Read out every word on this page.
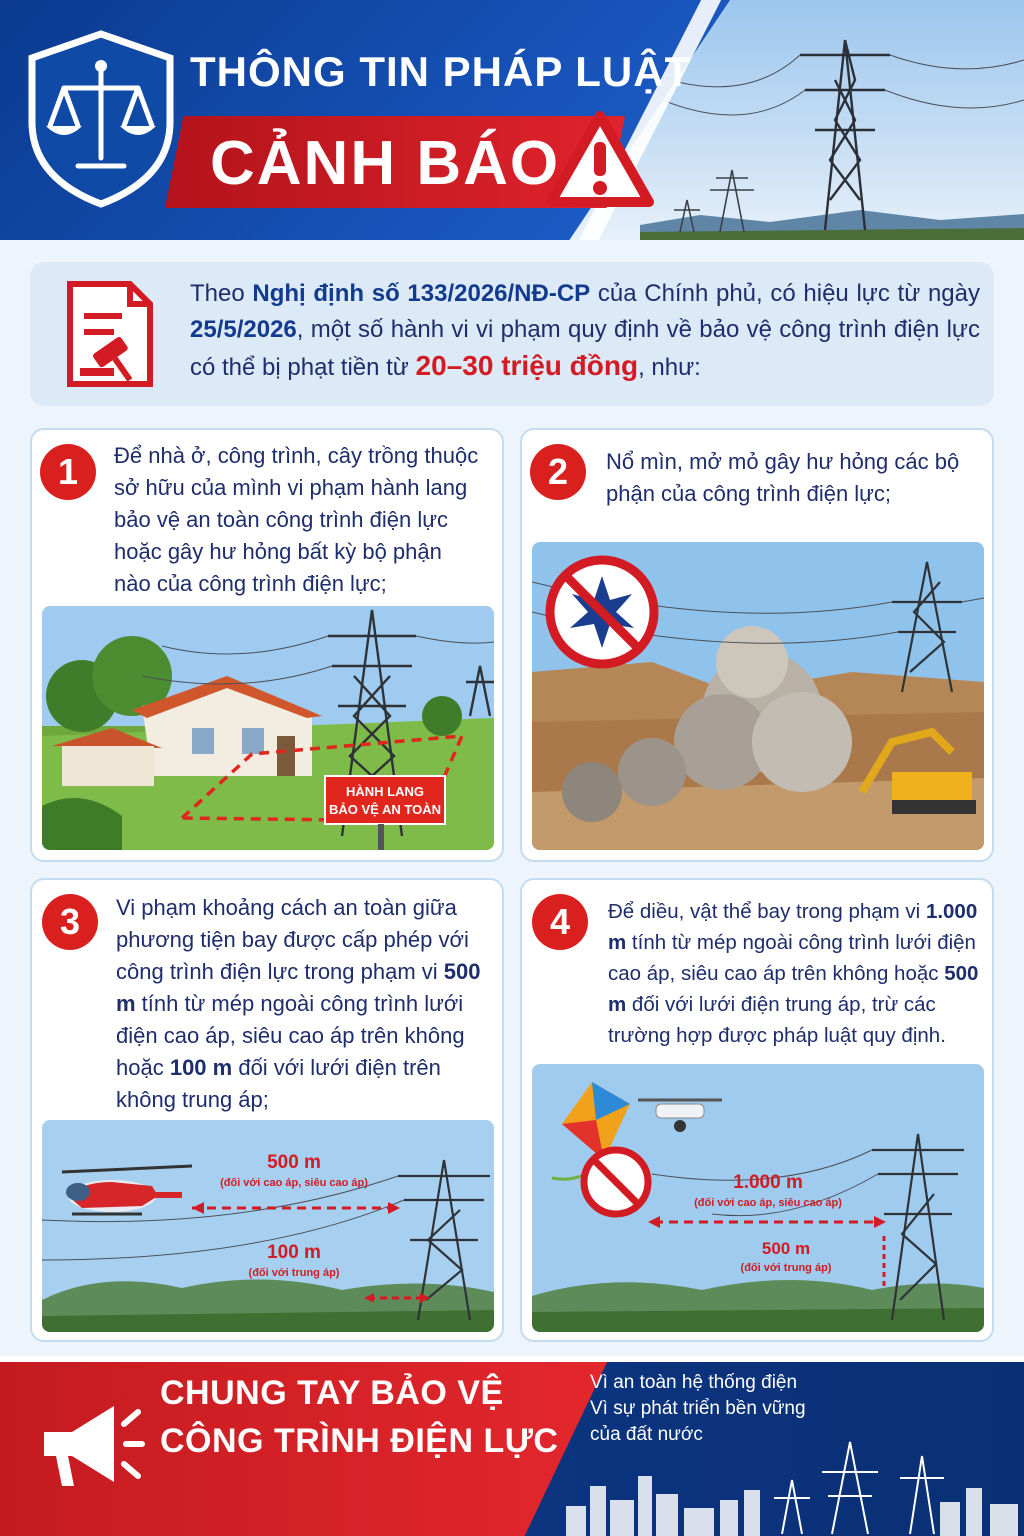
THÔNG TIN PHÁP LUẬT
CẢNH BÁO
Theo Nghị định số 133/2026/NĐ-CP của Chính phủ, có hiệu lực từ ngày 25/5/2026, một số hành vi vi phạm quy định về bảo vệ công trình điện lực có thể bị phạt tiền từ 20–30 triệu đồng, như:
1	Để nhà ở, công trình, cây trồng thuộc sở hữu của mình vi phạm hành lang bảo vệ an toàn công trình điện lực hoặc gây hư hỏng bất kỳ bộ phận nào của công trình điện lực;
HÀNH LANG
BẢO VỆ AN TOÀN
2	Nổ mìn, mở mỏ gây hư hỏng các bộ phận của công trình điện lực;
3	Vi phạm khoảng cách an toàn giữa phương tiện bay được cấp phép với công trình điện lực trong phạm vi 500 m tính từ mép ngoài công trình lưới điện cao áp, siêu cao áp trên không hoặc 100 m đối với lưới điện trên không trung áp;
500 m
(đối với cao áp, siêu cao áp)
100 m
(đối với trung áp)
4	Để diều, vật thể bay trong phạm vi 1.000 m tính từ mép ngoài công trình lưới điện cao áp, siêu cao áp trên không hoặc 500 m đối với lưới điện trung áp, trừ các trường hợp được pháp luật quy định.
1.000 m
(đối với cao áp, siêu cao áp)
500 m
(đối với trung áp)
CHUNG TAY BẢO VỆ
CÔNG TRÌNH ĐIỆN LỰC
Vì an toàn hệ thống điện
Vì sự phát triển bền vững
của đất nước
